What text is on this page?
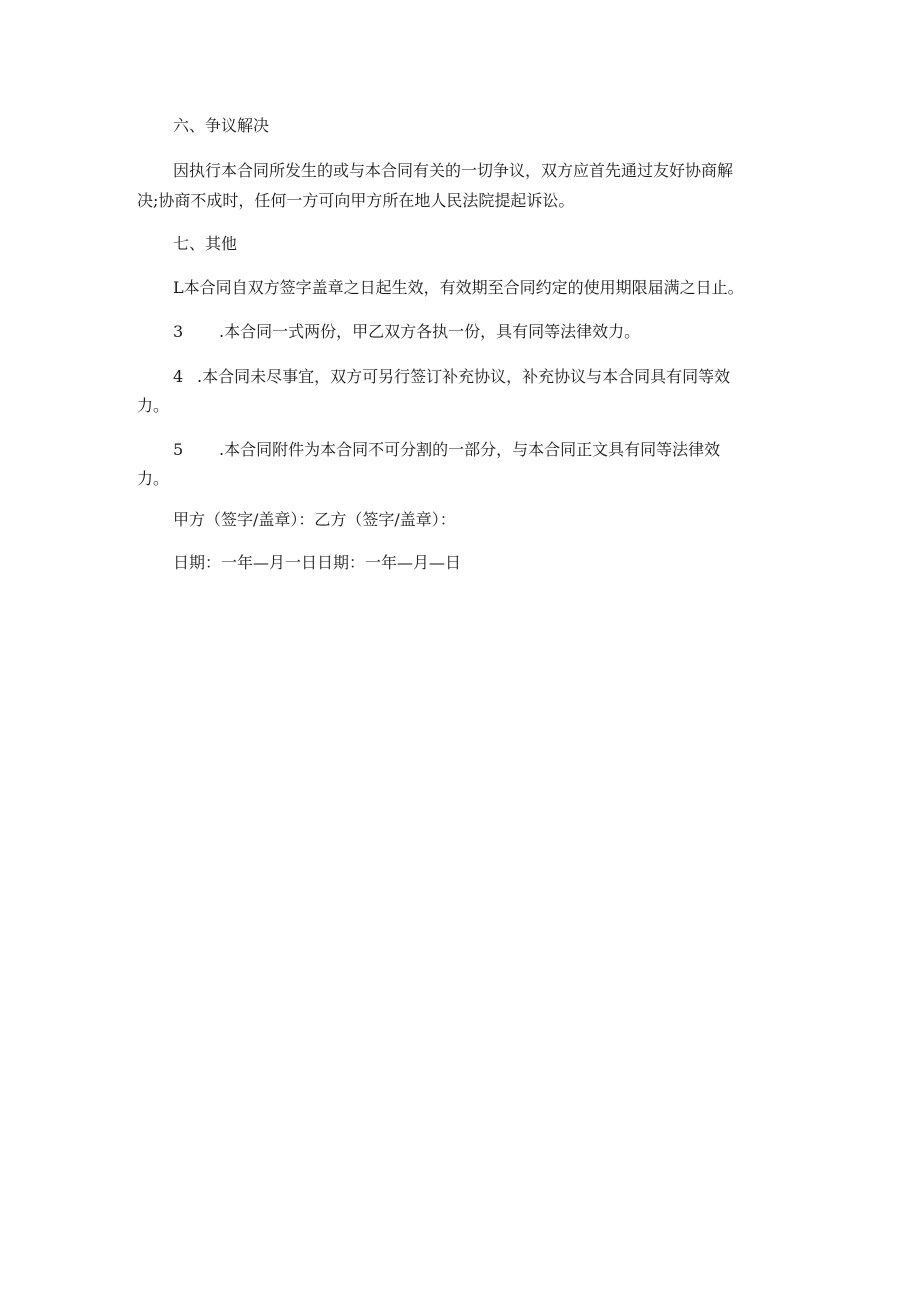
六、争议解决
因执行本合同所发生的或与本合同有关的一切争议，双方应首先通过友好协商解
决;协商不成时，任何一方可向甲方所在地人民法院提起诉讼。
七、其他
L本合同自双方签字盖章之日起生效，有效期至合同约定的使用期限届满之日止。
3 .本合同一式两份，甲乙双方各执一份，具有同等法律效力。
4 .本合同未尽事宜，双方可另行签订补充协议，补充协议与本合同具有同等效
力。
5 .本合同附件为本合同不可分割的一部分，与本合同正文具有同等法律效
力。
甲方（签字/盖章）：乙方（签字/盖章）：
日期：一年—月一日日期：一年—月—日
